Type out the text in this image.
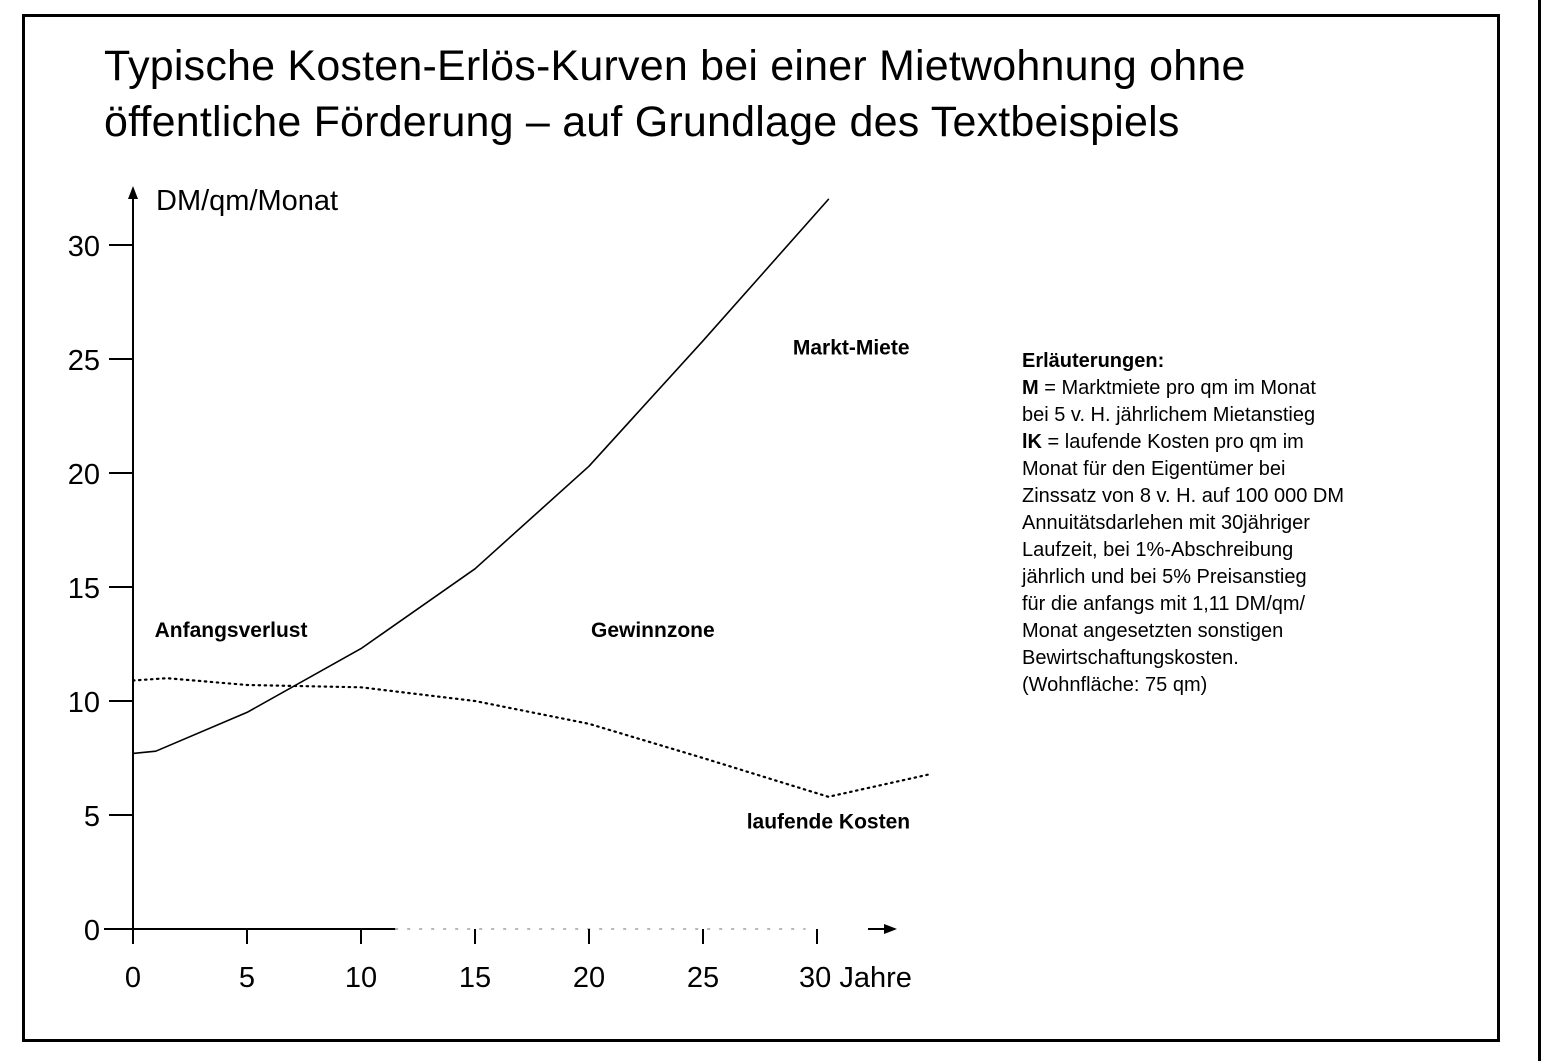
Typische Kosten-Erlös-Kurven bei einer Mietwohnung ohne
öffentliche Förderung – auf Grundlage des Textbeispiels
0
5
10
15
20
25
30
0	5	10	15	20	25	30 Jahre
DM/qm/Monat
Markt-Miete
Anfangsverlust	Gewinnzone
laufende Kosten
Erläuterungen:
M = Marktmiete pro qm im Monat
bei 5 v. H. jährlichem Mietanstieg
lK = laufende Kosten pro qm im
Monat für den Eigentümer bei
Zinssatz von 8 v. H. auf 100 000 DM
Annuitätsdarlehen mit 30jähriger
Laufzeit, bei 1%-Abschreibung
jährlich und bei 5% Preisanstieg
für die anfangs mit 1,11 DM/qm/
Monat angesetzten sonstigen
Bewirtschaftungskosten.
(Wohnfläche: 75 qm)
